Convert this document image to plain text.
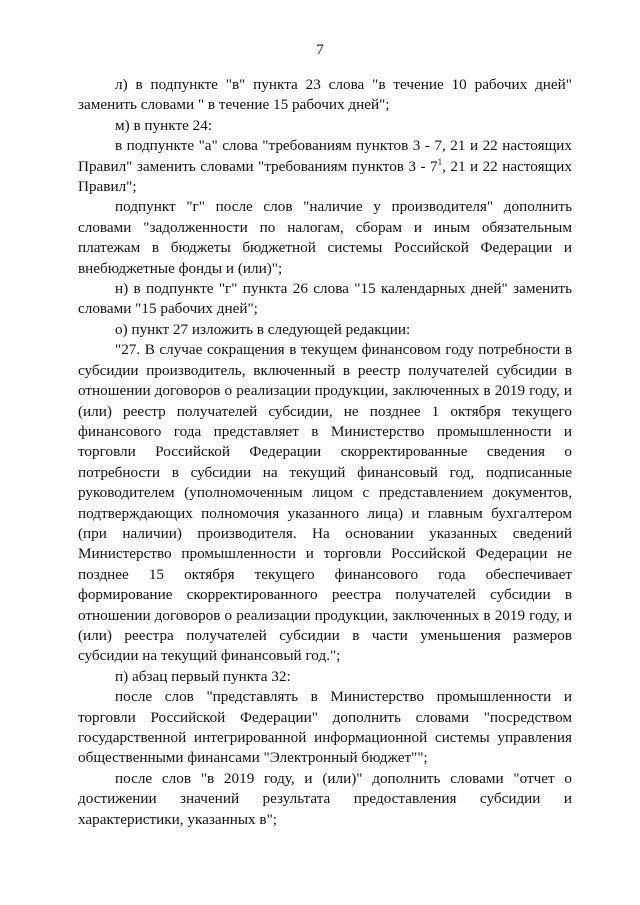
7

л) в подпункте "в" пункта 23 слова "в течение 10 рабочих дней" заменить словами " в течение 15 рабочих дней";

м) в пункте 24:

в подпункте "а" слова "требованиям пунктов 3 - 7, 21 и 22 настоящих Правил" заменить словами "требованиям пунктов $3 - 7^1$, 21 и 22 настоящих Правил";

подпункт "г" после слов "наличие у производителя" дополнить словами "задолженности по налогам, сборам и иным обязательным платежам в бюджеты бюджетной системы Российской Федерации и внебюджетные фонды и (или)";

н) в подпункте "г" пункта 26 слова "15 календарных дней" заменить словами "15 рабочих дней";

о) пункт 27 изложить в следующей редакции:

"27. В случае сокращения в текущем финансовом году потребности в субсидии производитель, включенный в реестр получателей субсидии в отношении договоров о реализации продукции, заключенных в 2019 году, и (или) реестр получателей субсидии, не позднее 1 октября текущего финансового года представляет в Министерство промышленности и торговли Российской Федерации скорректированные сведения о потребности в субсидии на текущий финансовый год, подписанные руководителем (уполномоченным лицом с представлением документов, подтверждающих полномочия указанного лица) и главным бухгалтером (при наличии) производителя. На основании указанных сведений Министерство промышленности и торговли Российской Федерации не позднее 15 октября текущего финансового года обеспечивает формирование скорректированного реестра получателей субсидии в отношении договоров о реализации продукции, заключенных в 2019 году, и (или) реестра получателей субсидии в части уменьшения размеров субсидии на текущий финансовый год.";

п) абзац первый пункта 32:

после слов "представлять в Министерство промышленности и торговли Российской Федерации" дополнить словами "посредством государственной интегрированной информационной системы управления общественными финансами "Электронный бюджет"";

после слов "в 2019 году, и (или)" дополнить словами "отчет о достижении значений результата предоставления субсидии и характеристики, указанных в";
